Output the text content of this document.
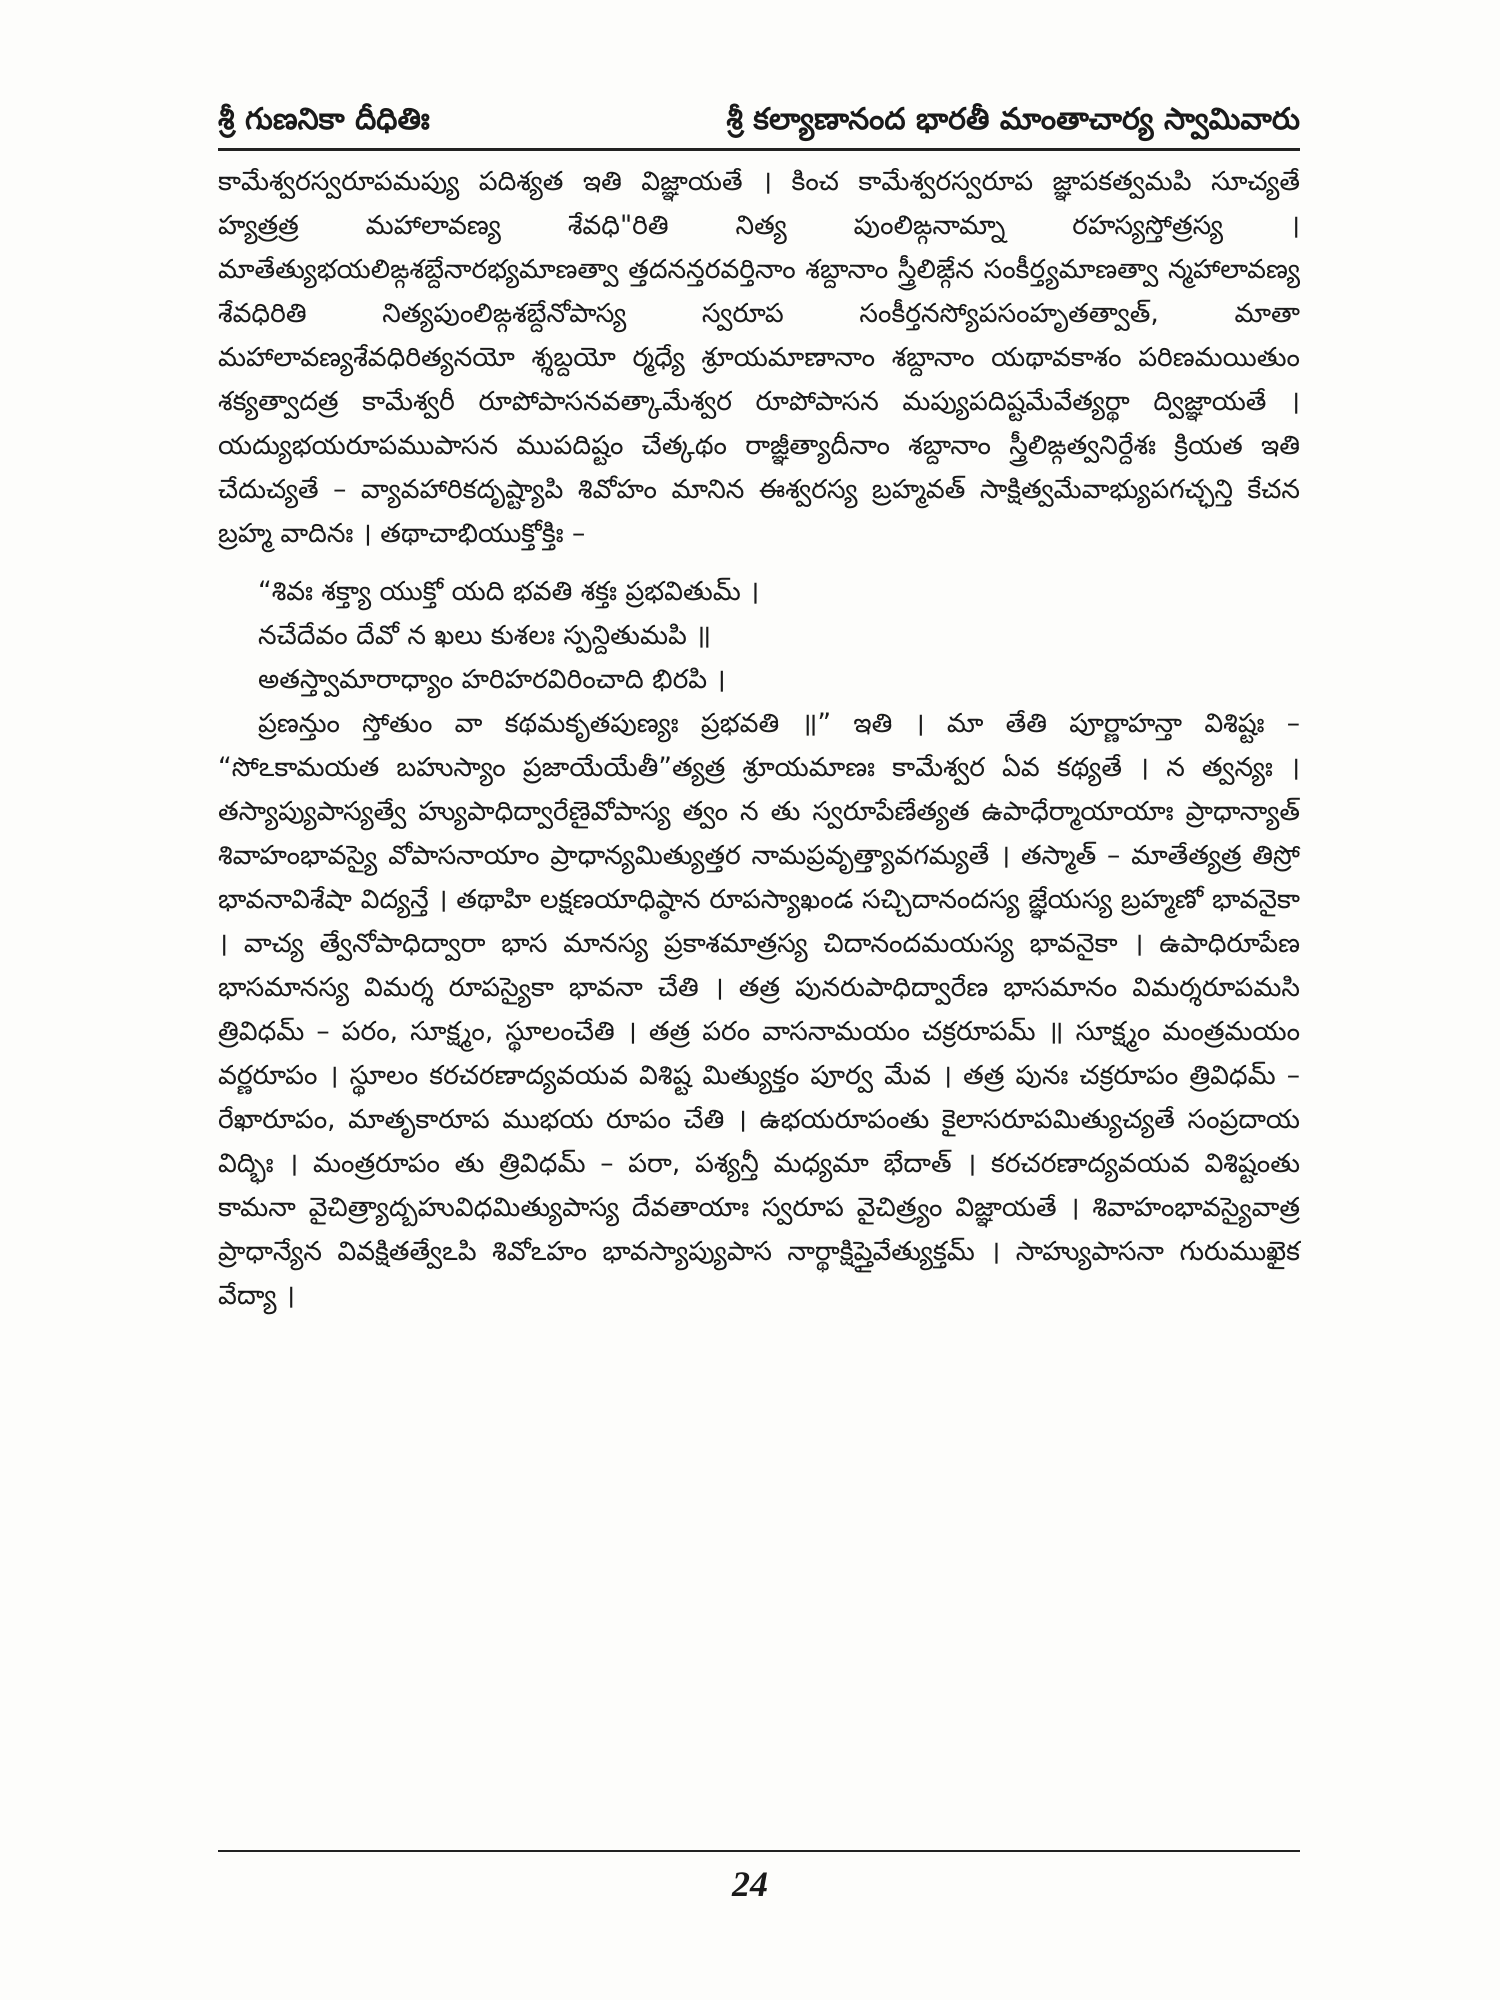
శ్రీ గుణనికా దీధితిః	శ్రీ కల్యాణానంద భారతీ మాంతాచార్య స్వామివారు

కామేశ్వరస్వరూపమప్యు పదిశ్యత ఇతి విజ్ఞాయతే । కించ కామేశ్వరస్వరూప జ్ఞాపకత్వమపి సూచ్యతే హ్యత్రత్ర మహాలావణ్య శేవధి"రితి నిత్య పుంలిఙ్గనామ్నా రహస్యస్తోత్రస్య । మాతేత్యుభయలిఙ్గశబ్దేనారభ్యమాణత్వా త్తదనన్తరవర్తినాం శబ్దానాం స్త్రీలిఙ్గేన సంకీర్త్యమాణత్వా న్మహాలావణ్య శేవధిరితి నిత్యపుంలిఙ్గశబ్దేనోపాస్య స్వరూప సంకీర్తనస్యోపసంహృతత్వాత్, మాతా మహాలావణ్యశేవధిరిత్యనయో శ్శబ్దయో ర్మధ్యే శ్రూయమాణానాం శబ్దానాం యథావకాశం పరిణమయితుం శక్యత్వాదత్ర కామేశ్వరీ రూపోపాసనవత్కామేశ్వర రూపోపాసన మప్యుపదిష్టమేవేత్యర్థా ద్విజ్ఞాయతే । యద్యుభయరూపముపాసన ముపదిష్టం చేత్కథం రాజ్ఞీత్యాదీనాం శబ్దానాం స్త్రీలిఙ్గత్వనిర్దేశః క్రియత ఇతి చేదుచ్యతే – వ్యావహారికదృష్ట్యాపి శివోహం మానిన ఈశ్వరస్య బ్రహ్మవత్ సాక్షిత్వమేవాభ్యుపగచ్ఛన్తి కేచన బ్రహ్మ వాదినః । తథాచాభియుక్తోక్తిః –

“శివః శక్త్యా యుక్తో యది భవతి శక్తః ప్రభవితుమ్ ।
నచేదేవం దేవో న ఖలు కుశలః స్పన్దితుమపి ॥
అతస్త్వామారాధ్యాం హరిహరవిరించాది భిరపి ।

ప్రణన్తుం స్తోతుం వా కథమకృతపుణ్యః ప్రభవతి ॥” ఇతి । మా తేతి పూర్ణాహన్తా విశిష్టః – “సోఽకామయత బహుస్యాం ప్రజాయేయేతీ”త్యత్ర శ్రూయమాణః కామేశ్వర ఏవ కథ్యతే । న త్వన్యః । తస్యాప్యుపాస్యత్వే హ్యుపాధిద్వారేణైవోపాస్య త్వం న తు స్వరూపేణేత్యత ఉపాధేర్మాయాయాః ప్రాధాన్యాత్ శివాహంభావస్యై వోపాసనాయాం ప్రాధాన్యమిత్యుత్తర నామప్రవృత్త్యావగమ్యతే । తస్మాత్ – మాతేత్యత్ర తిస్రో భావనావిశేషా విద్యన్తే । తథాహి లక్షణయాధిష్ఠాన రూపస్యాఖండ సచ్చిదానందస్య జ్ఞేయస్య బ్రహ్మణో భావనైకా । వాచ్య త్వేనోపాధిద్వారా భాస మానస్య ప్రకాశమాత్రస్య చిదానందమయస్య భావనైకా । ఉపాధిరూపేణ భాసమానస్య విమర్శ రూపస్యైకా భావనా చేతి । తత్ర పునరుపాధిద్వారేణ భాసమానం విమర్శరూపమసి త్రివిధమ్ – పరం, సూక్ష్మం, స్థూలంచేతి । తత్ర పరం వాసనామయం చక్రరూపమ్ ॥ సూక్ష్మం మంత్రమయం వర్ణరూపం । స్థూలం కరచరణాద్యవయవ విశిష్ట మిత్యుక్తం పూర్వ మేవ । తత్ర పునః చక్రరూపం త్రివిధమ్ – రేఖారూపం, మాతృకారూప ముభయ రూపం చేతి । ఉభయరూపంతు కైలాసరూపమిత్యుచ్యతే సంప్రదాయ విద్భిః । మంత్రరూపం తు త్రివిధమ్ – పరా, పశ్యన్తీ మధ్యమా భేదాత్ । కరచరణాద్యవయవ విశిష్టంతు కామనా వైచిత్ర్యాద్బహువిధమిత్యుపాస్య దేవతాయాః స్వరూప వైచిత్ర్యం విజ్ఞాయతే । శివాహంభావస్యైవాత్ర ప్రాధాన్యేన వివక్షితత్వేఽపి శివోఽహం భావస్యాప్యుపాస నార్థాక్షిప్తైవేత్యుక్తమ్ । సాహ్యుపాసనా గురుముఖైక వేద్యా ।

24
